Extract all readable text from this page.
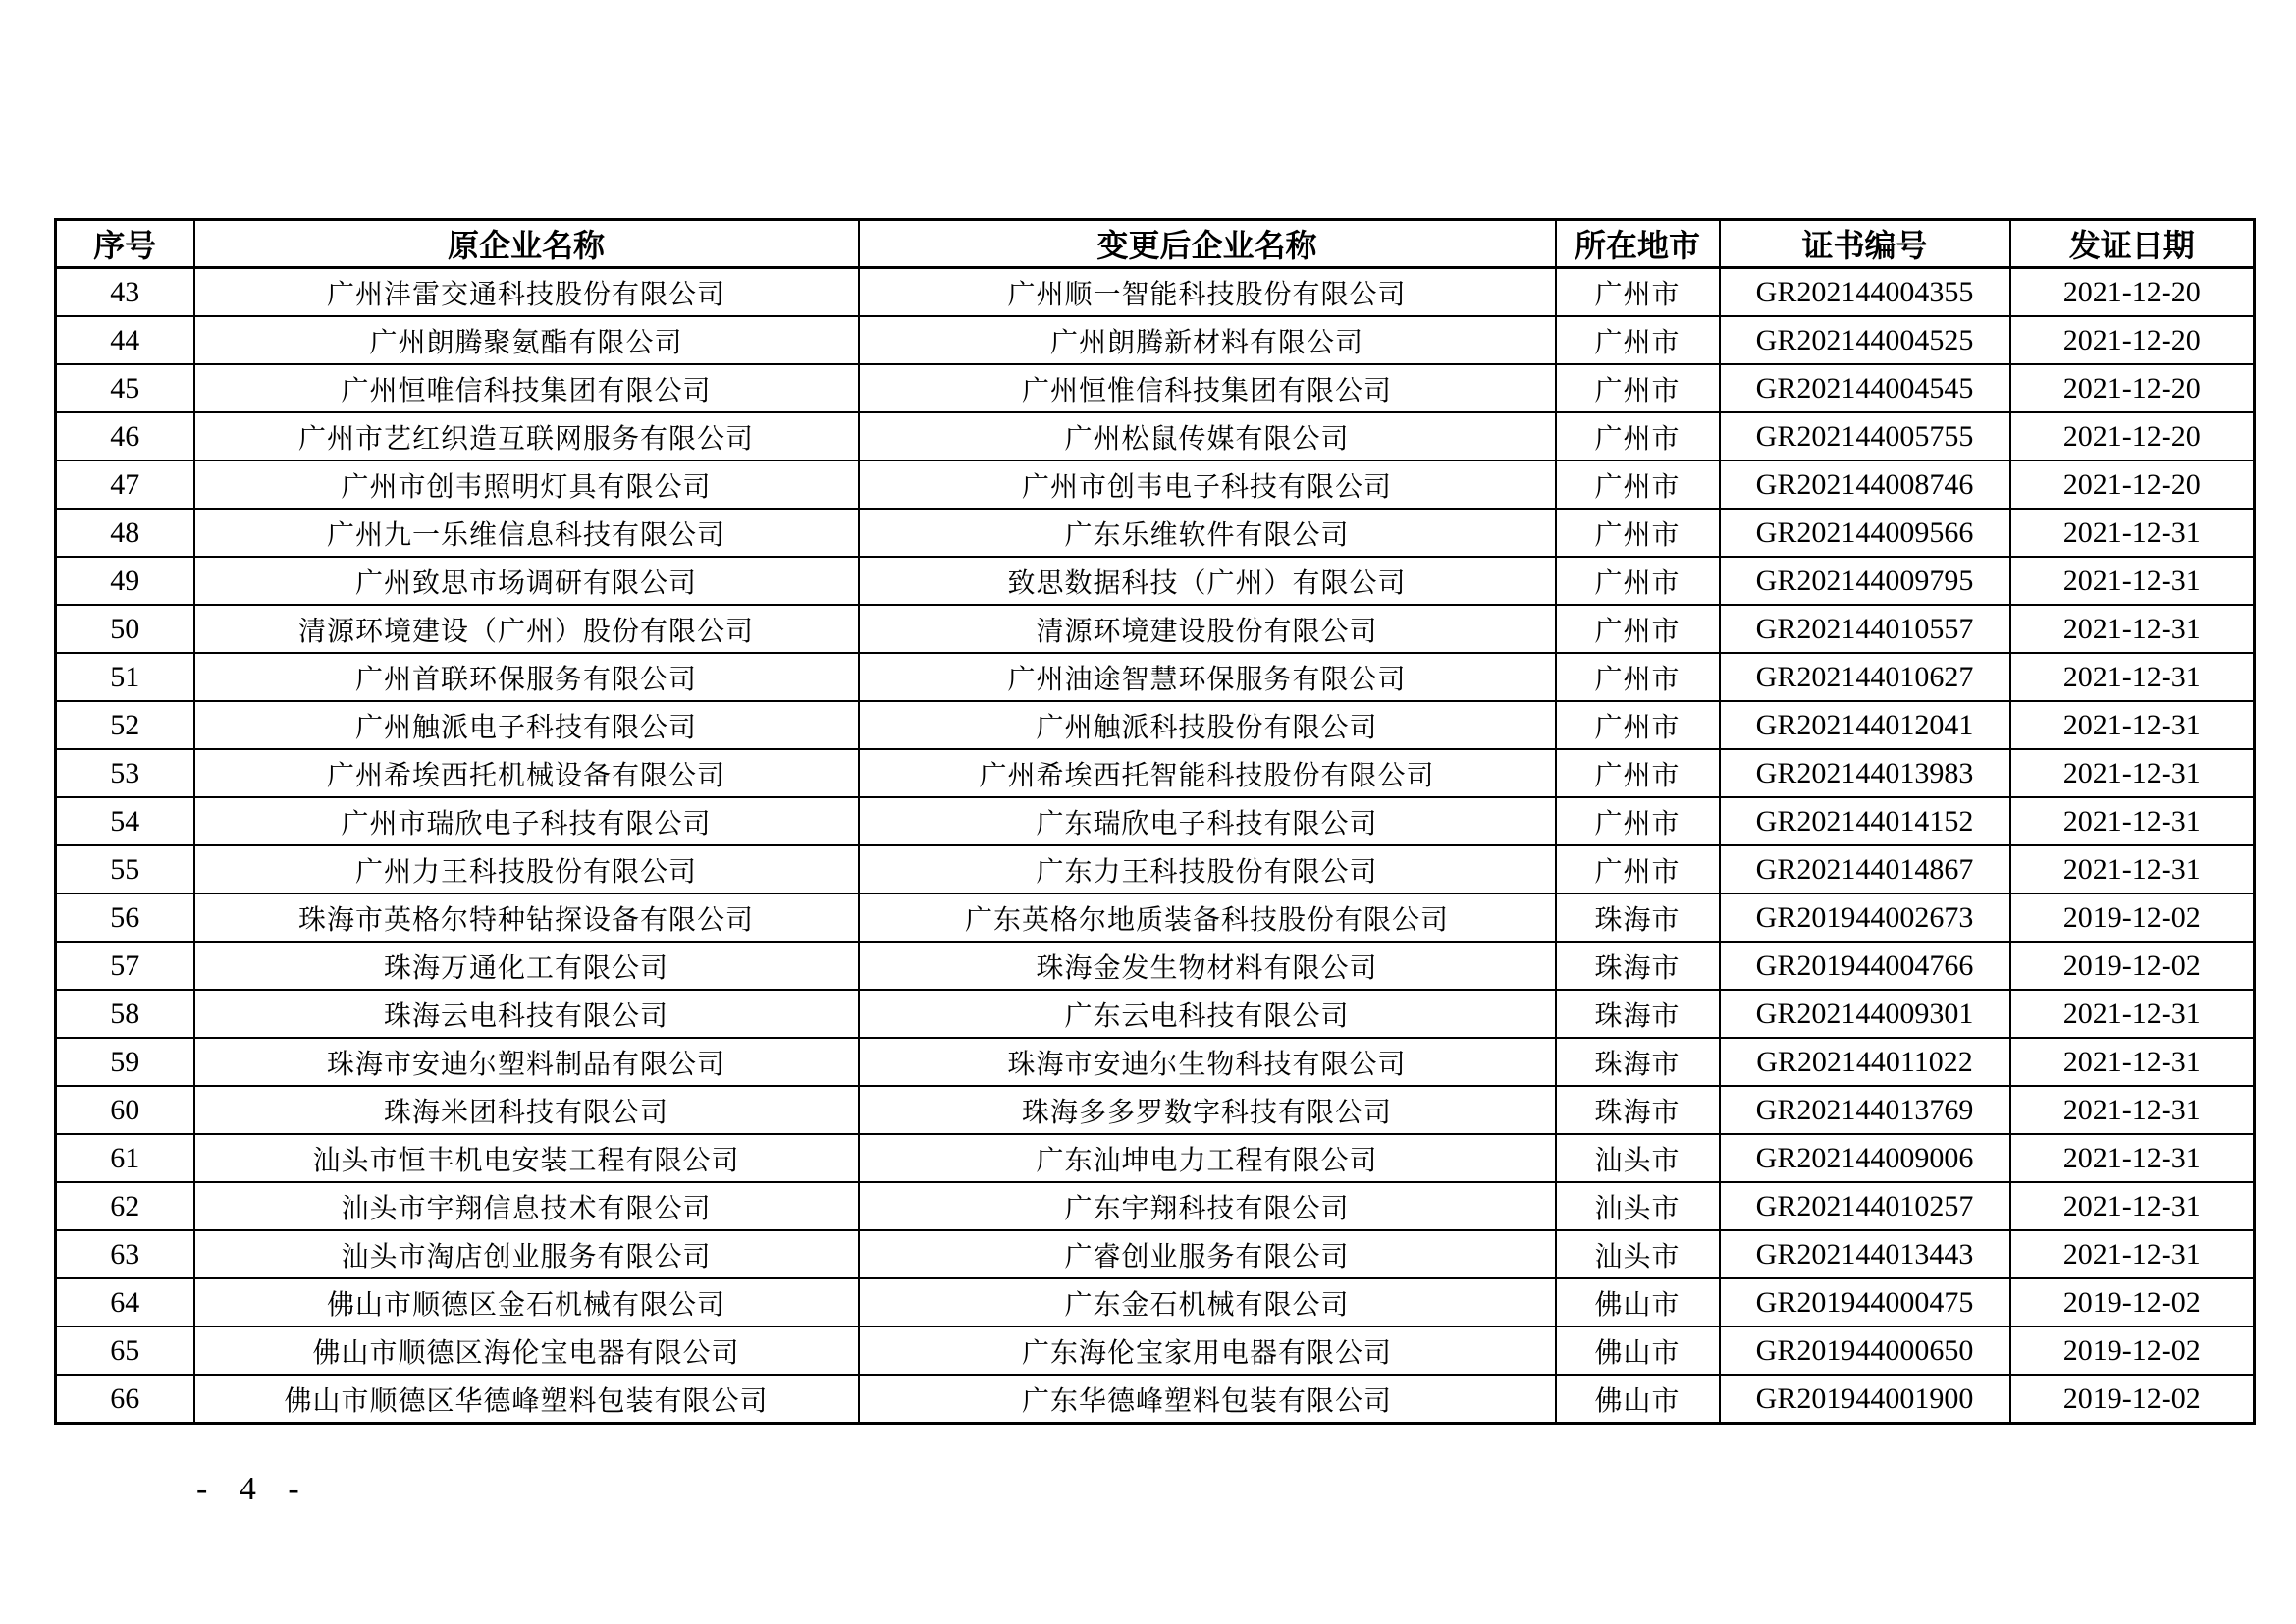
序号	原企业名称	变更后企业名称	所在地市	证书编号	发证日期
43	广州沣雷交通科技股份有限公司	广州顺一智能科技股份有限公司	广州市	GR202144004355	2021-12-20
44	广州朗腾聚氨酯有限公司	广州朗腾新材料有限公司	广州市	GR202144004525	2021-12-20
45	广州恒唯信科技集团有限公司	广州恒惟信科技集团有限公司	广州市	GR202144004545	2021-12-20
46	广州市艺红织造互联网服务有限公司	广州松鼠传媒有限公司	广州市	GR202144005755	2021-12-20
47	广州市创韦照明灯具有限公司	广州市创韦电子科技有限公司	广州市	GR202144008746	2021-12-20
48	广州九一乐维信息科技有限公司	广东乐维软件有限公司	广州市	GR202144009566	2021-12-31
49	广州致思市场调研有限公司	致思数据科技（广州）有限公司	广州市	GR202144009795	2021-12-31
50	清源环境建设（广州）股份有限公司	清源环境建设股份有限公司	广州市	GR202144010557	2021-12-31
51	广州首联环保服务有限公司	广州油途智慧环保服务有限公司	广州市	GR202144010627	2021-12-31
52	广州触派电子科技有限公司	广州触派科技股份有限公司	广州市	GR202144012041	2021-12-31
53	广州希埃西托机械设备有限公司	广州希埃西托智能科技股份有限公司	广州市	GR202144013983	2021-12-31
54	广州市瑞欣电子科技有限公司	广东瑞欣电子科技有限公司	广州市	GR202144014152	2021-12-31
55	广州力王科技股份有限公司	广东力王科技股份有限公司	广州市	GR202144014867	2021-12-31
56	珠海市英格尔特种钻探设备有限公司	广东英格尔地质装备科技股份有限公司	珠海市	GR201944002673	2019-12-02
57	珠海万通化工有限公司	珠海金发生物材料有限公司	珠海市	GR201944004766	2019-12-02
58	珠海云电科技有限公司	广东云电科技有限公司	珠海市	GR202144009301	2021-12-31
59	珠海市安迪尔塑料制品有限公司	珠海市安迪尔生物科技有限公司	珠海市	GR202144011022	2021-12-31
60	珠海米团科技有限公司	珠海多多罗数字科技有限公司	珠海市	GR202144013769	2021-12-31
61	汕头市恒丰机电安装工程有限公司	广东汕坤电力工程有限公司	汕头市	GR202144009006	2021-12-31
62	汕头市宇翔信息技术有限公司	广东宇翔科技有限公司	汕头市	GR202144010257	2021-12-31
63	汕头市淘店创业服务有限公司	广睿创业服务有限公司	汕头市	GR202144013443	2021-12-31
64	佛山市顺德区金石机械有限公司	广东金石机械有限公司	佛山市	GR201944000475	2019-12-02
65	佛山市顺德区海伦宝电器有限公司	广东海伦宝家用电器有限公司	佛山市	GR201944000650	2019-12-02
66	佛山市顺德区华德峰塑料包装有限公司	广东华德峰塑料包装有限公司	佛山市	GR201944001900	2019-12-02
- 4 -
